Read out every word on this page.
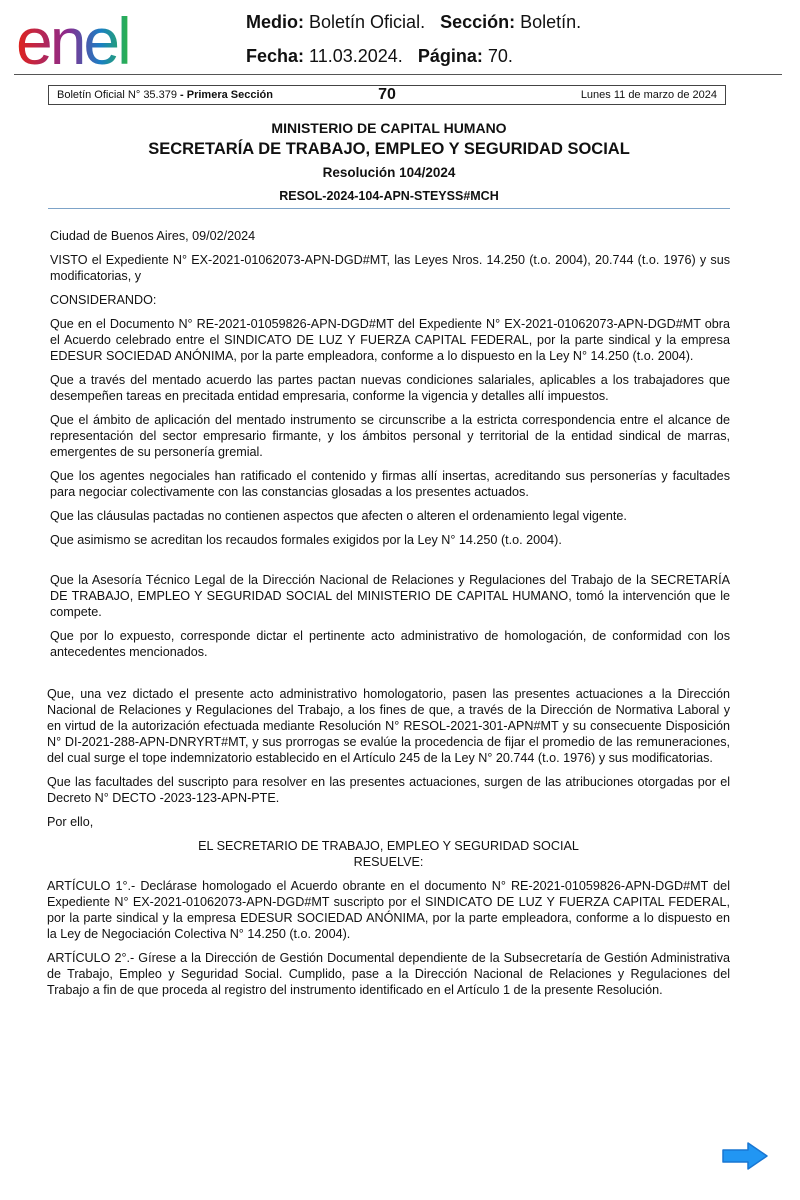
enel	Medio: Boletín Oficial. Sección: Boletín.
Fecha: 11.03.2024. Página: 70.
Boletín Oficial N° 35.379 - Primera Sección	70	Lunes 11 de marzo de 2024
MINISTERIO DE CAPITAL HUMANO
SECRETARÍA DE TRABAJO, EMPLEO Y SEGURIDAD SOCIAL
Resolución 104/2024
RESOL-2024-104-APN-STEYSS#MCH

Ciudad de Buenos Aires, 09/02/2024

VISTO el Expediente N° EX-2021-01062073-APN-DGD#MT, las Leyes Nros. 14.250 (t.o. 2004), 20.744 (t.o. 1976) y sus modificatorias, y

CONSIDERANDO:

Que en el Documento N° RE-2021-01059826-APN-DGD#MT del Expediente N° EX-2021-01062073-APN-DGD#MT obra el Acuerdo celebrado entre el SINDICATO DE LUZ Y FUERZA CAPITAL FEDERAL, por la parte sindical y la empresa EDESUR SOCIEDAD ANÓNIMA, por la parte empleadora, conforme a lo dispuesto en la Ley N° 14.250 (t.o. 2004).

Que a través del mentado acuerdo las partes pactan nuevas condiciones salariales, aplicables a los trabajadores que desempeñen tareas en precitada entidad empresaria, conforme la vigencia y detalles allí impuestos.

Que el ámbito de aplicación del mentado instrumento se circunscribe a la estricta correspondencia entre el alcance de representación del sector empresario firmante, y los ámbitos personal y territorial de la entidad sindical de marras, emergentes de su personería gremial.

Que los agentes negociales han ratificado el contenido y firmas allí insertas, acreditando sus personerías y facultades para negociar colectivamente con las constancias glosadas a los presentes actuados.

Que las cláusulas pactadas no contienen aspectos que afecten o alteren el ordenamiento legal vigente.

Que asimismo se acreditan los recaudos formales exigidos por la Ley N° 14.250 (t.o. 2004).

Que la Asesoría Técnico Legal de la Dirección Nacional de Relaciones y Regulaciones del Trabajo de la SECRETARÍA DE TRABAJO, EMPLEO Y SEGURIDAD SOCIAL del MINISTERIO DE CAPITAL HUMANO, tomó la intervención que le compete.

Que por lo expuesto, corresponde dictar el pertinente acto administrativo de homologación, de conformidad con los antecedentes mencionados.

Que, una vez dictado el presente acto administrativo homologatorio, pasen las presentes actuaciones a la Dirección Nacional de Relaciones y Regulaciones del Trabajo, a los fines de que, a través de la Dirección de Normativa Laboral y en virtud de la autorización efectuada mediante Resolución N° RESOL-2021-301-APN#MT y su consecuente Disposición N° DI-2021-288-APN-DNRYRT#MT, y sus prorrogas se evalúe la procedencia de fijar el promedio de las remuneraciones, del cual surge el tope indemnizatorio establecido en el Artículo 245 de la Ley N° 20.744 (t.o. 1976) y sus modificatorias.

Que las facultades del suscripto para resolver en las presentes actuaciones, surgen de las atribuciones otorgadas por el Decreto N° DECTO -2023-123-APN-PTE.

Por ello,

EL SECRETARIO DE TRABAJO, EMPLEO Y SEGURIDAD SOCIAL

RESUELVE:

ARTÍCULO 1°.- Declárase homologado el Acuerdo obrante en el documento N° RE-2021-01059826-APN-DGD#MT del Expediente N° EX-2021-01062073-APN-DGD#MT suscripto por el SINDICATO DE LUZ Y FUERZA CAPITAL FEDERAL, por la parte sindical y la empresa EDESUR SOCIEDAD ANÓNIMA, por la parte empleadora, conforme a lo dispuesto en la Ley de Negociación Colectiva N° 14.250 (t.o. 2004).

ARTÍCULO 2°.- Gírese a la Dirección de Gestión Documental dependiente de la Subsecretaría de Gestión Administrativa de Trabajo, Empleo y Seguridad Social. Cumplido, pase a la Dirección Nacional de Relaciones y Regulaciones del Trabajo a fin de que proceda al registro del instrumento identificado en el Artículo 1 de la presente Resolución.
